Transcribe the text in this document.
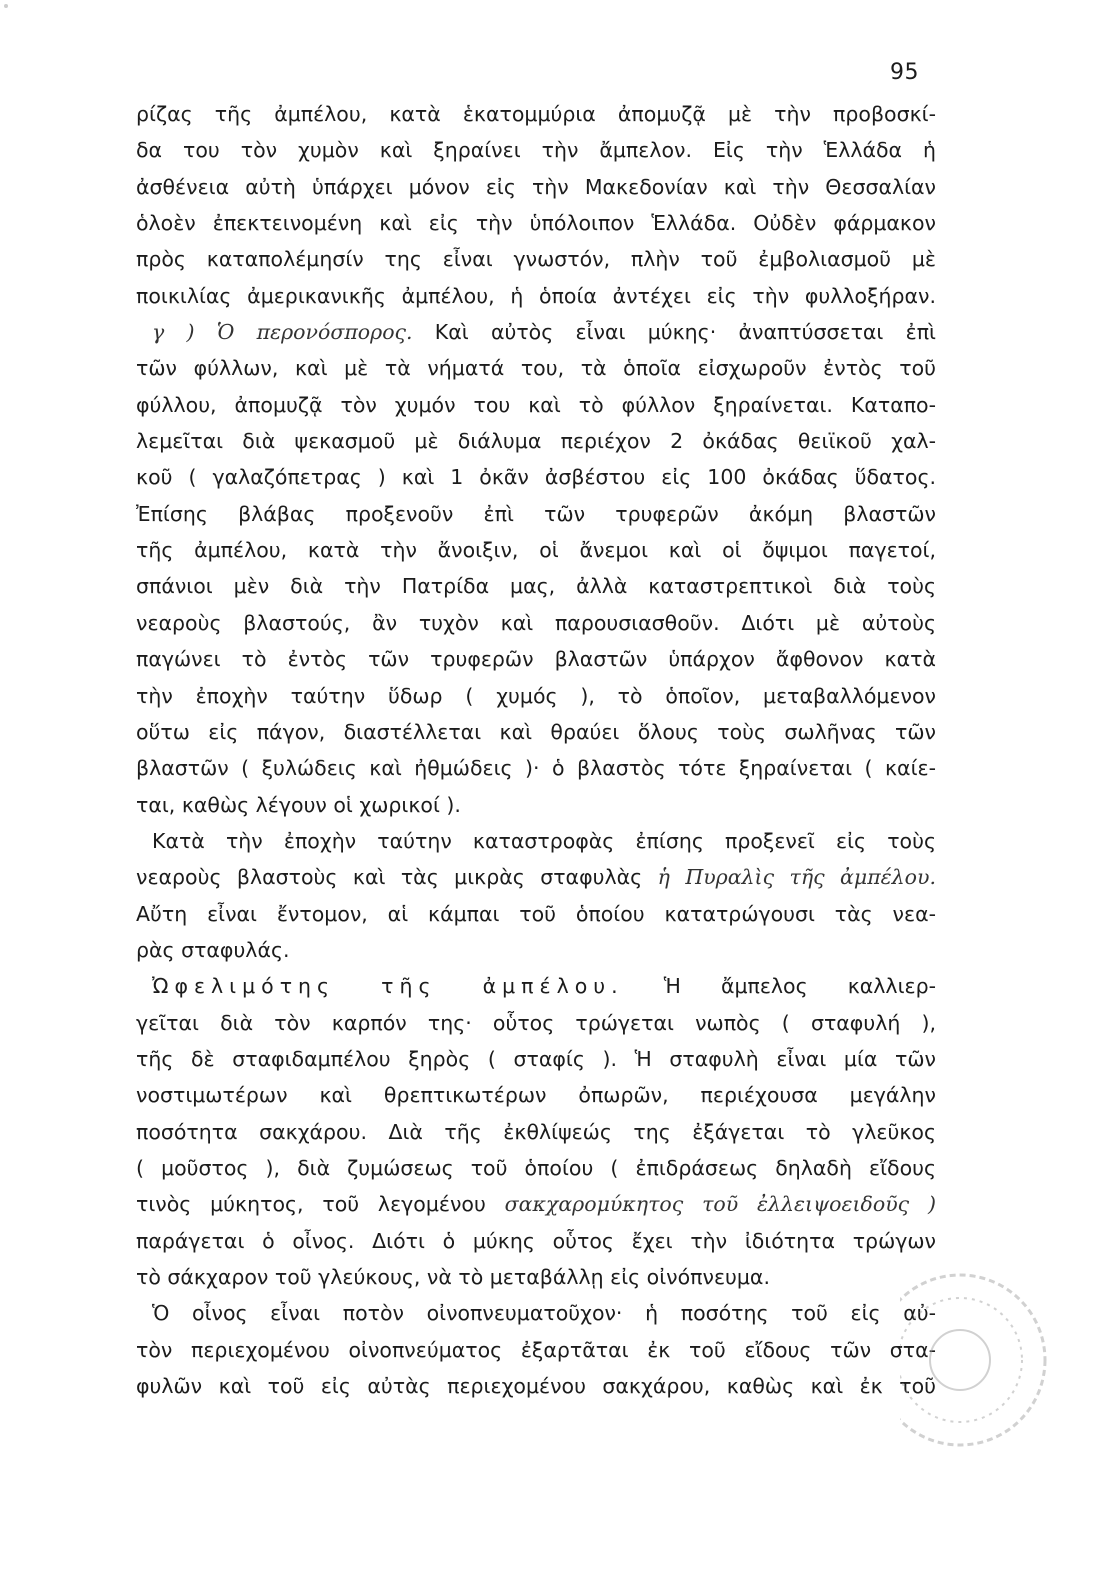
95
ρίζας τῆς ἀμπέλου, κατὰ ἑκατομμύρια ἀπομυζᾷ μὲ τὴν προβοσκί-
δα του τὸν χυμὸν καὶ ξηραίνει τὴν ἄμπελον. Εἰς τὴν Ἑλλάδα ἡ
ἀσθένεια αὐτὴ ὑπάρχει μόνον εἰς τὴν Μακεδονίαν καὶ τὴν Θεσσαλίαν
ὁλοὲν ἐπεκτεινομένη καὶ εἰς τὴν ὑπόλοιπον Ἑλλάδα. Οὐδὲν φάρμακον
πρὸς καταπολέμησίν της εἶναι γνωστόν, πλὴν τοῦ ἐμβολιασμοῦ μὲ
ποικιλίας ἀμερικανικῆς ἀμπέλου, ἡ ὁποία ἀντέχει εἰς τὴν φυλλοξήραν.
γ ) Ὁ περονόσπορος. Καὶ αὐτὸς εἶναι μύκης· ἀναπτύσσεται ἐπὶ
τῶν φύλλων, καὶ μὲ τὰ νήματά του, τὰ ὁποῖα εἰσχωροῦν ἐντὸς τοῦ
φύλλου, ἀπομυζᾷ τὸν χυμόν του καὶ τὸ φύλλον ξηραίνεται. Καταπο-
λεμεῖται διὰ ψεκασμοῦ μὲ διάλυμα περιέχον 2 ὀκάδας θειϊκοῦ χαλ-
κοῦ ( γαλαζόπετρας ) καὶ 1 ὀκᾶν ἀσβέστου εἰς 100 ὀκάδας ὕδατος.
Ἐπίσης βλάβας προξενοῦν ἐπὶ τῶν τρυφερῶν ἀκόμη βλαστῶν
τῆς ἀμπέλου, κατὰ τὴν ἄνοιξιν, οἱ ἄνεμοι καὶ οἱ ὄψιμοι παγετοί,
σπάνιοι μὲν διὰ τὴν Πατρίδα μας, ἀλλὰ καταστρεπτικοὶ διὰ τοὺς
νεαροὺς βλαστούς, ἂν τυχὸν καὶ παρουσιασθοῦν. Διότι μὲ αὐτοὺς
παγώνει τὸ ἐντὸς τῶν τρυφερῶν βλαστῶν ὑπάρχον ἄφθονον κατὰ
τὴν ἐποχὴν ταύτην ὕδωρ ( χυμός ), τὸ ὁποῖον, μεταβαλλόμενον
οὕτω εἰς πάγον, διαστέλλεται καὶ θραύει ὅλους τοὺς σωλῆνας τῶν
βλαστῶν ( ξυλώδεις καὶ ἠθμώδεις )· ὁ βλαστὸς τότε ξηραίνεται ( καίε-
ται, καθὼς λέγουν οἱ χωρικοί ).
Κατὰ τὴν ἐποχὴν ταύτην καταστροφὰς ἐπίσης προξενεῖ εἰς τοὺς
νεαροὺς βλαστοὺς καὶ τὰς μικρὰς σταφυλὰς ἡ Πυραλὶς τῆς ἀμπέλου.
Αὔτη εἶναι ἔντομον, αἱ κάμπαι τοῦ ὁποίου κατατρώγουσι τὰς νεα-
ρὰς σταφυλάς.
Ὠφελιμότης τῆς ἀμπέλου. Ἡ ἄμπελος καλλιερ-
γεῖται διὰ τὸν καρπόν της· οὗτος τρώγεται νωπὸς ( σταφυλή ),
τῆς δὲ σταφιδαμπέλου ξηρὸς ( σταφίς ). Ἡ σταφυλὴ εἶναι μία τῶν
νοστιμωτέρων καὶ θρεπτικωτέρων ὀπωρῶν, περιέχουσα μεγάλην
ποσότητα σακχάρου. Διὰ τῆς ἐκθλίψεώς της ἐξάγεται τὸ γλεῦκος
( μοῦστος ), διὰ ζυμώσεως τοῦ ὁποίου ( ἐπιδράσεως δηλαδὴ εἴδους
τινὸς μύκητος, τοῦ λεγομένου σακχαρομύκητος τοῦ ἐλλειψοειδοῦς )
παράγεται ὁ οἶνος. Διότι ὁ μύκης οὗτος ἔχει τὴν ἰδιότητα τρώγων
τὸ σάκχαρον τοῦ γλεύκους, νὰ τὸ μεταβάλλῃ εἰς οἰνόπνευμα.
Ὁ οἶνος εἶναι ποτὸν οἰνοπνευματοῦχον· ἡ ποσότης τοῦ εἰς αὐ-
τὸν περιεχομένου οἰνοπνεύματος ἐξαρτᾶται ἐκ τοῦ εἴδους τῶν στα-
φυλῶν καὶ τοῦ εἰς αὐτὰς περιεχομένου σακχάρου, καθὼς καὶ ἐκ τοῦ
